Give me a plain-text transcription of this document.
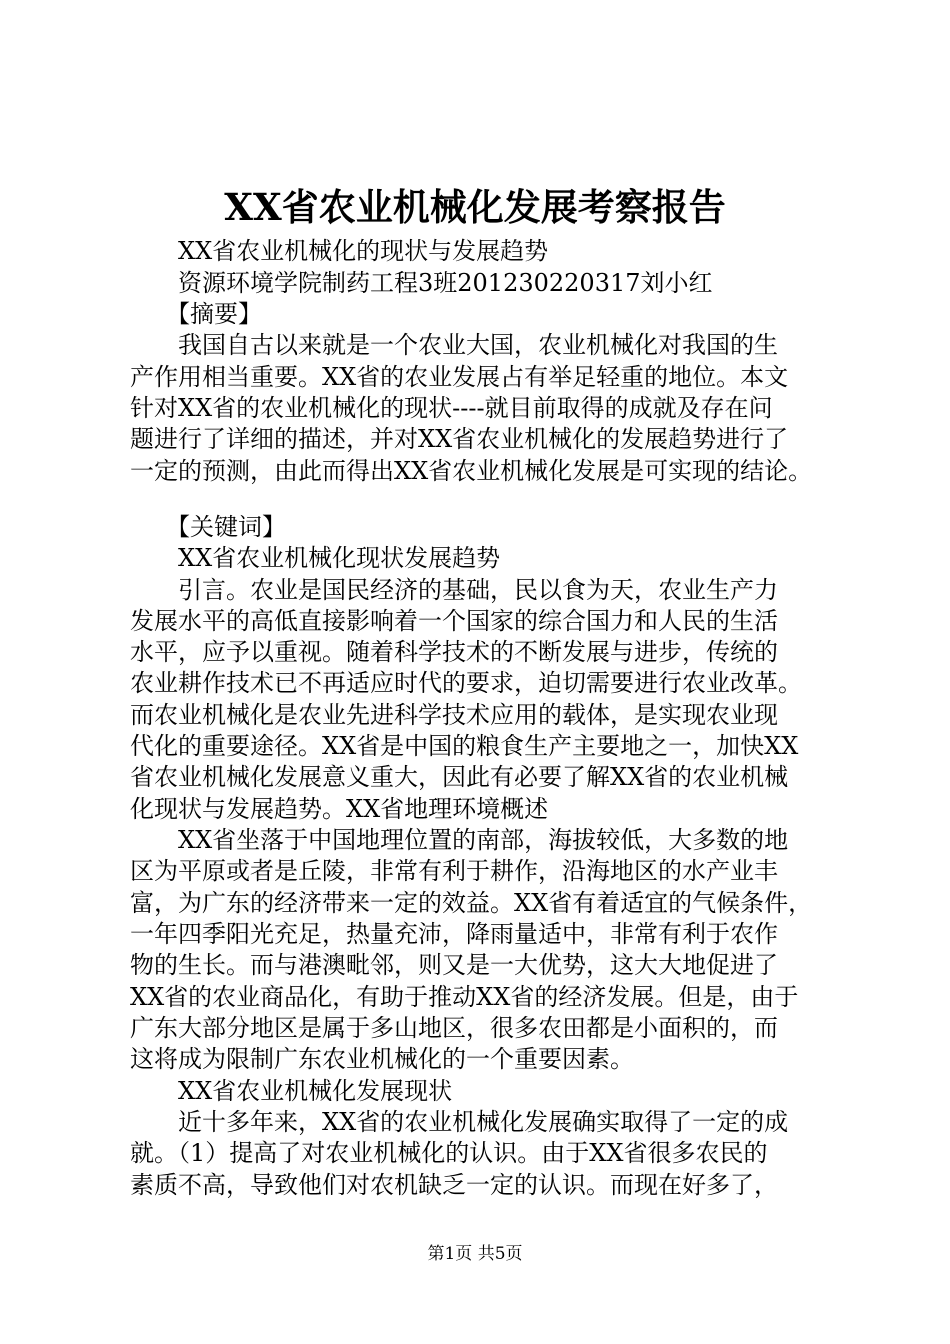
XX省农业机械化发展考察报告
XX省农业机械化的现状与发展趋势
资源环境学院制药工程3班201230220317刘小红
【摘要】
我国自古以来就是一个农业大国，农业机械化对我国的生
产作用相当重要。XX省的农业发展占有举足轻重的地位。本文
针对XX省的农业机械化的现状----就目前取得的成就及存在问
题进行了详细的描述，并对XX省农业机械化的发展趋势进行了
一定的预测，由此而得出XX省农业机械化发展是可实现的结论。
【关键词】
XX省农业机械化现状发展趋势
引言。农业是国民经济的基础，民以食为天，农业生产力
发展水平的高低直接影响着一个国家的综合国力和人民的生活
水平，应予以重视。随着科学技术的不断发展与进步，传统的
农业耕作技术已不再适应时代的要求，迫切需要进行农业改革。
而农业机械化是农业先进科学技术应用的载体，是实现农业现
代化的重要途径。XX省是中国的粮食生产主要地之一，加快XX
省农业机械化发展意义重大，因此有必要了解XX省的农业机械
化现状与发展趋势。XX省地理环境概述
XX省坐落于中国地理位置的南部，海拔较低，大多数的地
区为平原或者是丘陵，非常有利于耕作，沿海地区的水产业丰
富，为广东的经济带来一定的效益。XX省有着适宜的气候条件，
一年四季阳光充足，热量充沛，降雨量适中，非常有利于农作
物的生长。而与港澳毗邻，则又是一大优势，这大大地促进了
XX省的农业商品化，有助于推动XX省的经济发展。但是，由于
广东大部分地区是属于多山地区，很多农田都是小面积的，而
这将成为限制广东农业机械化的一个重要因素。
XX省农业机械化发展现状
近十多年来，XX省的农业机械化发展确实取得了一定的成
就。（1）提高了对农业机械化的认识。由于XX省很多农民的
素质不高，导致他们对农机缺乏一定的认识。而现在好多了，
第1页 共5页
